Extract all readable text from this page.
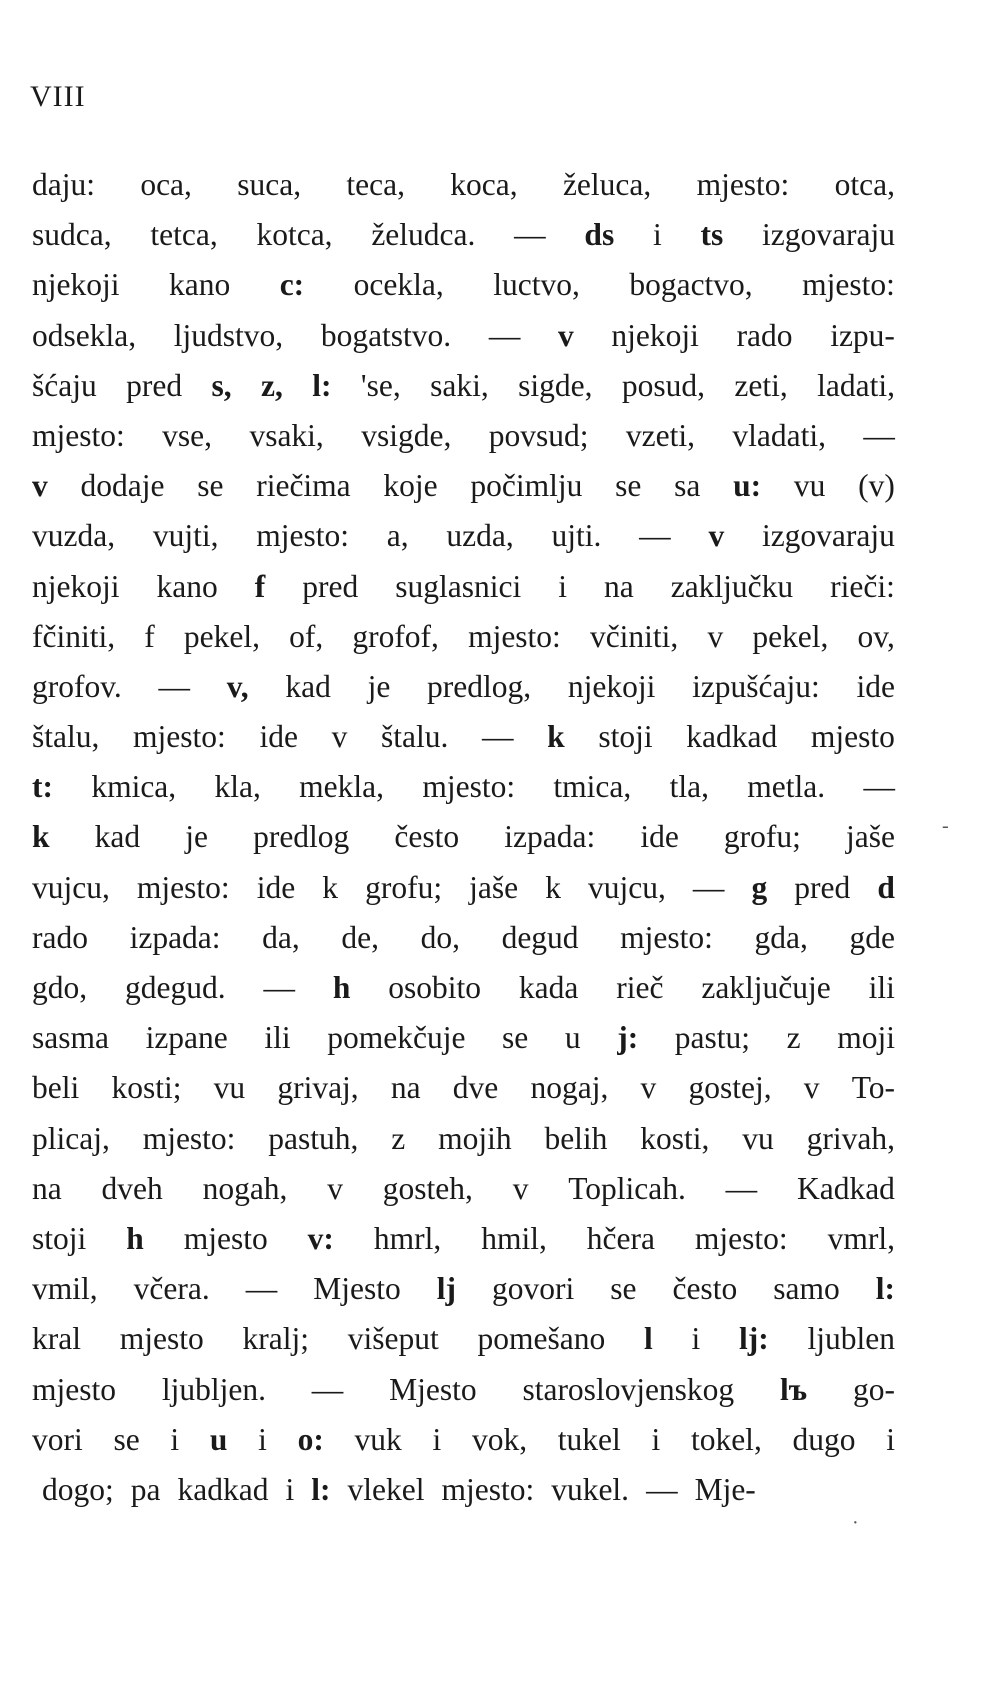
VIII
daju: oca, suca, teca, koca, želuca, mjesto: otca,
sudca, tetca, kotca, želudca. — ds i ts izgovaraju
njekoji kano c: ocekla, luctvo, bogactvo, mjesto:
odsekla, ljudstvo, bogatstvo. — v njekoji rado izpu-
šćaju pred s, z, l: 'se, saki, sigde, posud, zeti, ladati,
mjesto: vse, vsaki, vsigde, povsud; vzeti, vladati, —
v dodaje se riečima koje počimlju se sa u: vu (v)
vuzda, vujti, mjesto: a, uzda, ujti. — v izgovaraju
njekoji kano f pred suglasnici i na zaključku rieči:
fčiniti, f pekel, of, grofof, mjesto: včiniti, v pekel, ov,
grofov. — v, kad je predlog, njekoji izpušćaju: ide
štalu, mjesto: ide v štalu. — k stoji kadkad mjesto
t: kmica, kla, mekla, mjesto: tmica, tla, metla. —
k kad je predlog često izpada: ide grofu; jaše
vujcu, mjesto: ide k grofu; jaše k vujcu, — g pred d
rado izpada: da, de, do, degud mjesto: gda, gde
gdo, gdegud. — h osobito kada rieč zaključuje ili
sasma izpane ili pomekčuje se u j: pastu; z moji
beli kosti; vu grivaj, na dve nogaj, v gostej, v To-
plicaj, mjesto: pastuh, z mojih belih kosti, vu grivah,
na dveh nogah, v gosteh, v Toplicah. — Kadkad
stoji h mjesto v: hmrl, hmil, hčera mjesto: vmrl,
vmil, včera. — Mjesto lj govori se često samo l:
kral mjesto kralj; višeput pomešano l i lj: ljublen
mjesto ljubljen. — Mjesto staroslovjenskog lъ go-
vori se i u i o: vuk i vok, tukel i tokel, dugo i
dogo; pa kadkad i l: vlekel mjesto: vukel. — Mje-
-
·
